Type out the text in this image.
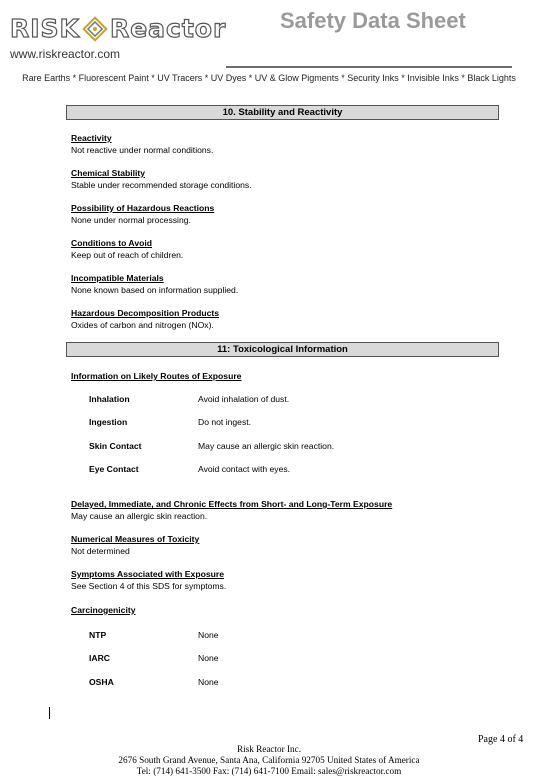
RISK Reactor
www.riskreactor.com
Safety Data Sheet
Rare Earths * Fluorescent Paint * UV Tracers * UV Dyes * UV & Glow Pigments * Security Inks * Invisible Inks * Black Lights
10. Stability and Reactivity
Reactivity
Not reactive under normal conditions.
Chemical Stability
Stable under recommended storage conditions.
Possibility of Hazardous Reactions
None under normal processing.
Conditions to Avoid
Keep out of reach of children.
Incompatible Materials
None known based on information supplied.
Hazardous Decomposition Products
Oxides of carbon and nitrogen (NOx).
11: Toxicological Information
Information on Likely Routes of Exposure
Inhalation	Avoid inhalation of dust.
Ingestion	Do not ingest.
Skin Contact	May cause an allergic skin reaction.
Eye Contact	Avoid contact with eyes.
Delayed, Immediate, and Chronic Effects from Short- and Long-Term Exposure
May cause an allergic skin reaction.
Numerical Measures of Toxicity
Not determined
Symptoms Associated with Exposure
See Section 4 of this SDS for symptoms.
Carcinogenicity
NTP	None
IARC	None
OSHA	None
Page 4 of 4
Risk Reactor Inc.
2676 South Grand Avenue, Santa Ana, California 92705 United States of America
Tel: (714) 641-3500 Fax: (714) 641-7100 Email: sales@riskreactor.com
